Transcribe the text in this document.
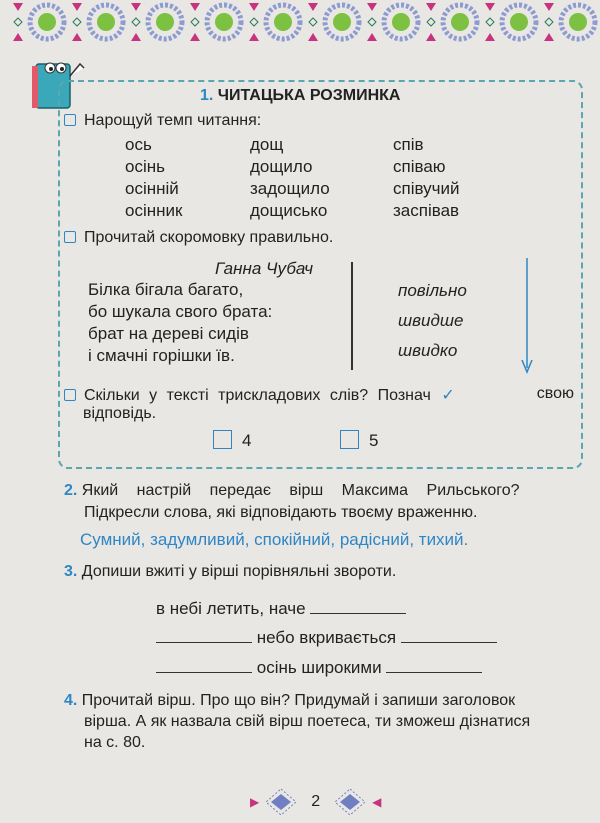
1. ЧИТАЦЬКА РОЗМИНКА
Нарощуй темп читання:
ось	дощ	спів
осінь	дощило	співаю
осінній	задощило	співучий
осінник	дощисько	заспівав
Прочитай скоромовку правильно.
Ганна Чубач
Білка бігала багато,
бо шукала свого брата:
брат на дереві сидів
і смачні горішки їв.
повільно
швидше
швидко
Скільки у тексті трискладових слів? Познач ✓	свою
відповідь.
4	5
2. Який настрій передає вірш Максима Рильського?
Підкресли слова, які відповідають твоєму враженню.
Сумний, задумливий, спокійний, радісний, тихий.
3. Допиши вжиті у вірші порівняльні звороти.
в небі летить, наче
небо вкривається
осінь широкими
4. Прочитай вірш. Про що він? Придумай і запиши заголовок
вірша. А як назвала свій вірш поетеса, ти зможеш дізнатися
на с. 80.
▶	2	◀
